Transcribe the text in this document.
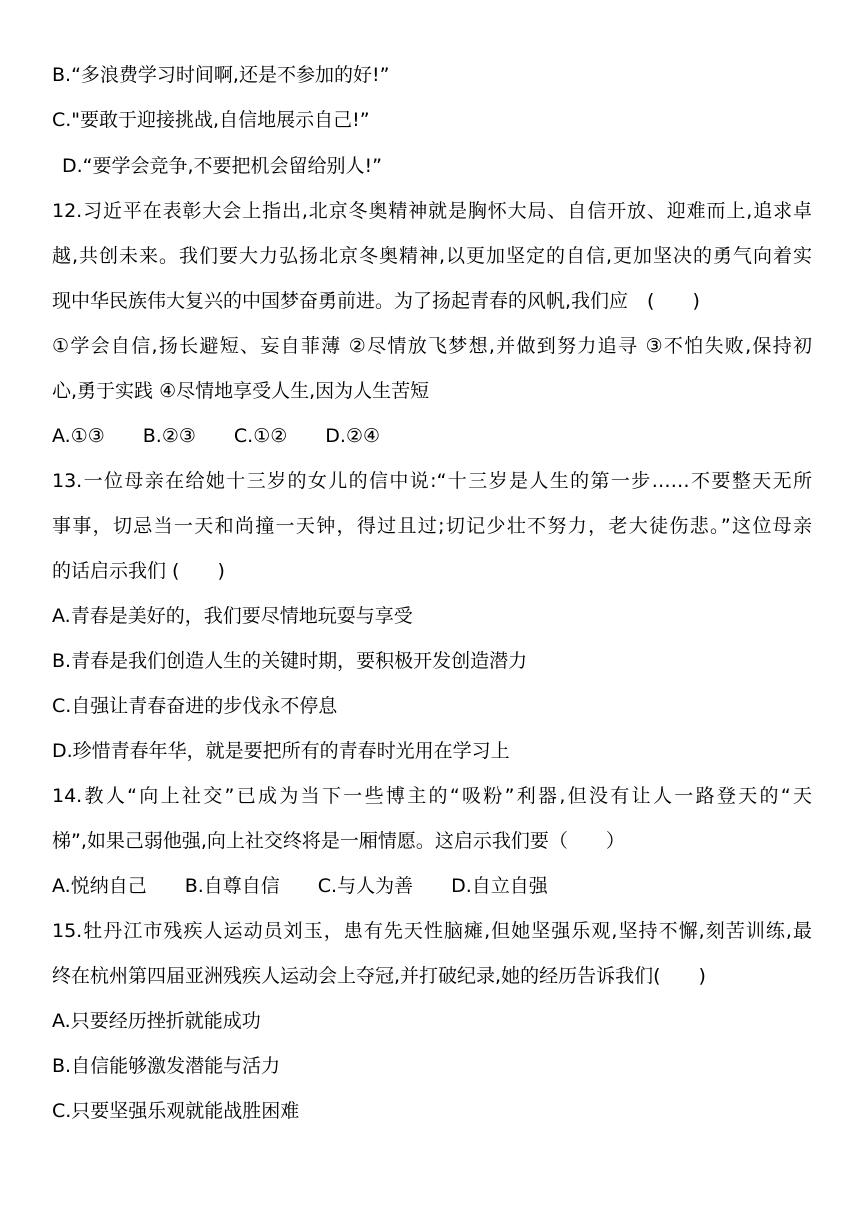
B.“多浪费学习时间啊,还是不参加的好!”
C."要敢于迎接挑战,自信地展示自己!”
D.“要学会竞争,不要把机会留给别人!”
12.习近平在表彰大会上指出,北京冬奥精神就是胸怀大局、自信开放、迎难而上,追求卓
越,共创未来。我们要大力弘扬北京冬奥精神,以更加坚定的自信,更加坚决的勇气向着实
现中华民族伟大复兴的中国梦奋勇前进。为了扬起青春的风帆,我们应　(　　)
①学会自信,扬长避短、妄自菲薄 ②尽情放飞梦想,并做到努力追寻 ③不怕失败,保持初
心,勇于实践 ④尽情地享受人生,因为人生苦短
A.①③　　B.②③　　C.①②　　D.②④
13.一位母亲在给她十三岁的女儿的信中说:“十三岁是人生的第一步……不要整天无所
事事，切忌当一天和尚撞一天钟，得过且过;切记少壮不努力，老大徒伤悲。”这位母亲
的话启示我们 (　　)
A.青春是美好的，我们要尽情地玩耍与享受
B.青春是我们创造人生的关键时期，要积极开发创造潜力
C.自强让青春奋进的步伐永不停息
D.珍惜青春年华，就是要把所有的青春时光用在学习上
14.教人“向上社交”已成为当下一些博主的“吸粉”利器,但没有让人一路登天的“天
梯”,如果己弱他强,向上社交终将是一厢情愿。这启示我们要（　　）
A.悦纳自己　　B.自尊自信　　C.与人为善　　D.自立自强
15.牡丹江市残疾人运动员刘玉，患有先天性脑瘫,但她坚强乐观,坚持不懈,刻苦训练,最
终在杭州第四届亚洲残疾人运动会上夺冠,并打破纪录,她的经历告诉我们(　　)
A.只要经历挫折就能成功
B.自信能够激发潜能与活力
C.只要坚强乐观就能战胜困难
